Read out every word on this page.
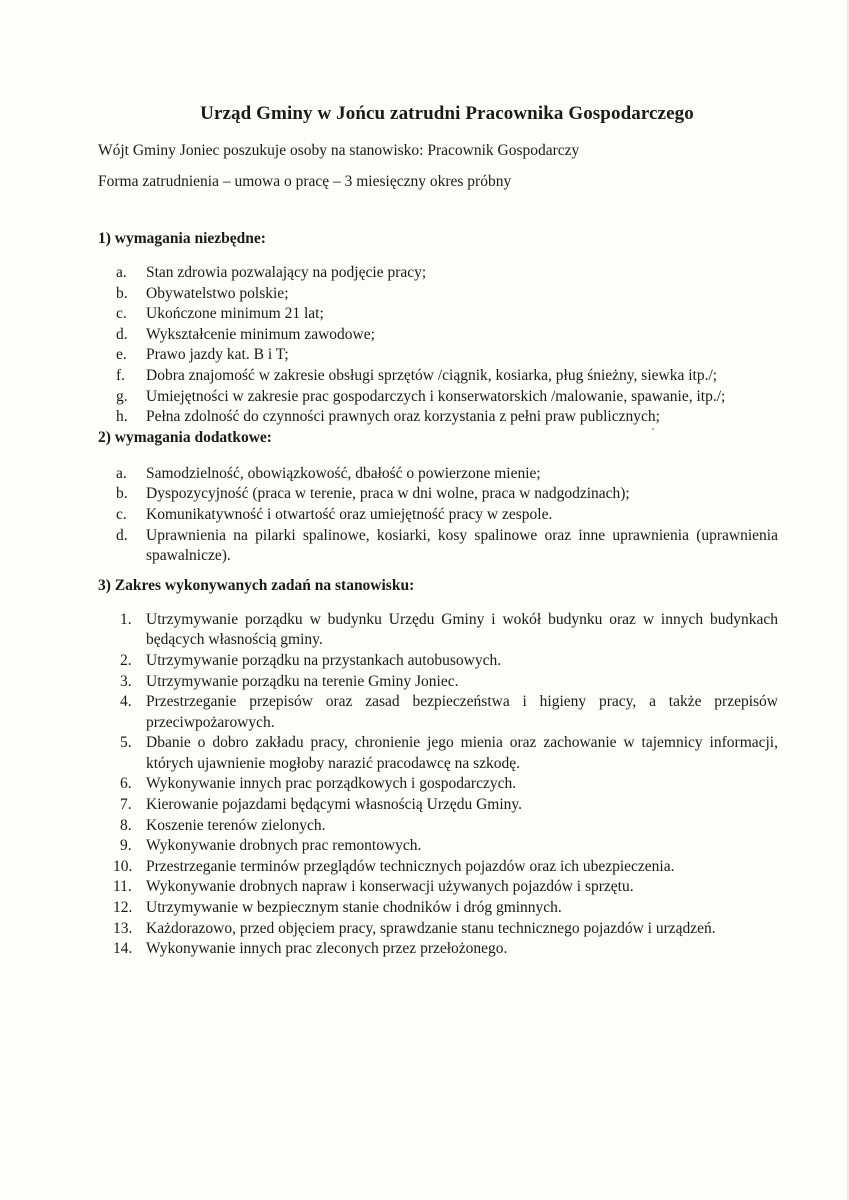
Urząd Gminy w Jońcu zatrudni Pracownika Gospodarczego

Wójt Gminy Joniec poszukuje osoby na stanowisko: Pracownik Gospodarczy

Forma zatrudnienia – umowa o pracę – 3 miesięczny okres próbny

1) wymagania niezbędne:

a. Stan zdrowia pozwalający na podjęcie pracy;
b. Obywatelstwo polskie;
c. Ukończone minimum 21 lat;
d. Wykształcenie minimum zawodowe;
e. Prawo jazdy kat. B i T;
f. Dobra znajomość w zakresie obsługi sprzętów /ciągnik, kosiarka, pług śnieżny, siewka itp./;
g. Umiejętności w zakresie prac gospodarczych i konserwatorskich /malowanie, spawanie, itp./;
h. Pełna zdolność do czynności prawnych oraz korzystania z pełni praw publicznych;

2) wymagania dodatkowe:

a. Samodzielność, obowiązkowość, dbałość o powierzone mienie;
b. Dyspozycyjność (praca w terenie, praca w dni wolne, praca w nadgodzinach);
c. Komunikatywność i otwartość oraz umiejętność pracy w zespole.
d. Uprawnienia na pilarki spalinowe, kosiarki, kosy spalinowe oraz inne uprawnienia (uprawnienia spawalnicze).

3) Zakres wykonywanych zadań na stanowisku:

1. Utrzymywanie porządku w budynku Urzędu Gminy i wokół budynku oraz w innych budynkach będących własnością gminy.
2. Utrzymywanie porządku na przystankach autobusowych.
3. Utrzymywanie porządku na terenie Gminy Joniec.
4. Przestrzeganie przepisów oraz zasad bezpieczeństwa i higieny pracy, a także przepisów przeciwpożarowych.
5. Dbanie o dobro zakładu pracy, chronienie jego mienia oraz zachowanie w tajemnicy informacji, których ujawnienie mogłoby narazić pracodawcę na szkodę.
6. Wykonywanie innych prac porządkowych i gospodarczych.
7. Kierowanie pojazdami będącymi własnością Urzędu Gminy.
8. Koszenie terenów zielonych.
9. Wykonywanie drobnych prac remontowych.
10. Przestrzeganie terminów przeglądów technicznych pojazdów oraz ich ubezpieczenia.
11. Wykonywanie drobnych napraw i konserwacji używanych pojazdów i sprzętu.
12. Utrzymywanie w bezpiecznym stanie chodników i dróg gminnych.
13. Każdorazowo, przed objęciem pracy, sprawdzanie stanu technicznego pojazdów i urządzeń.
14. Wykonywanie innych prac zleconych przez przełożonego.
